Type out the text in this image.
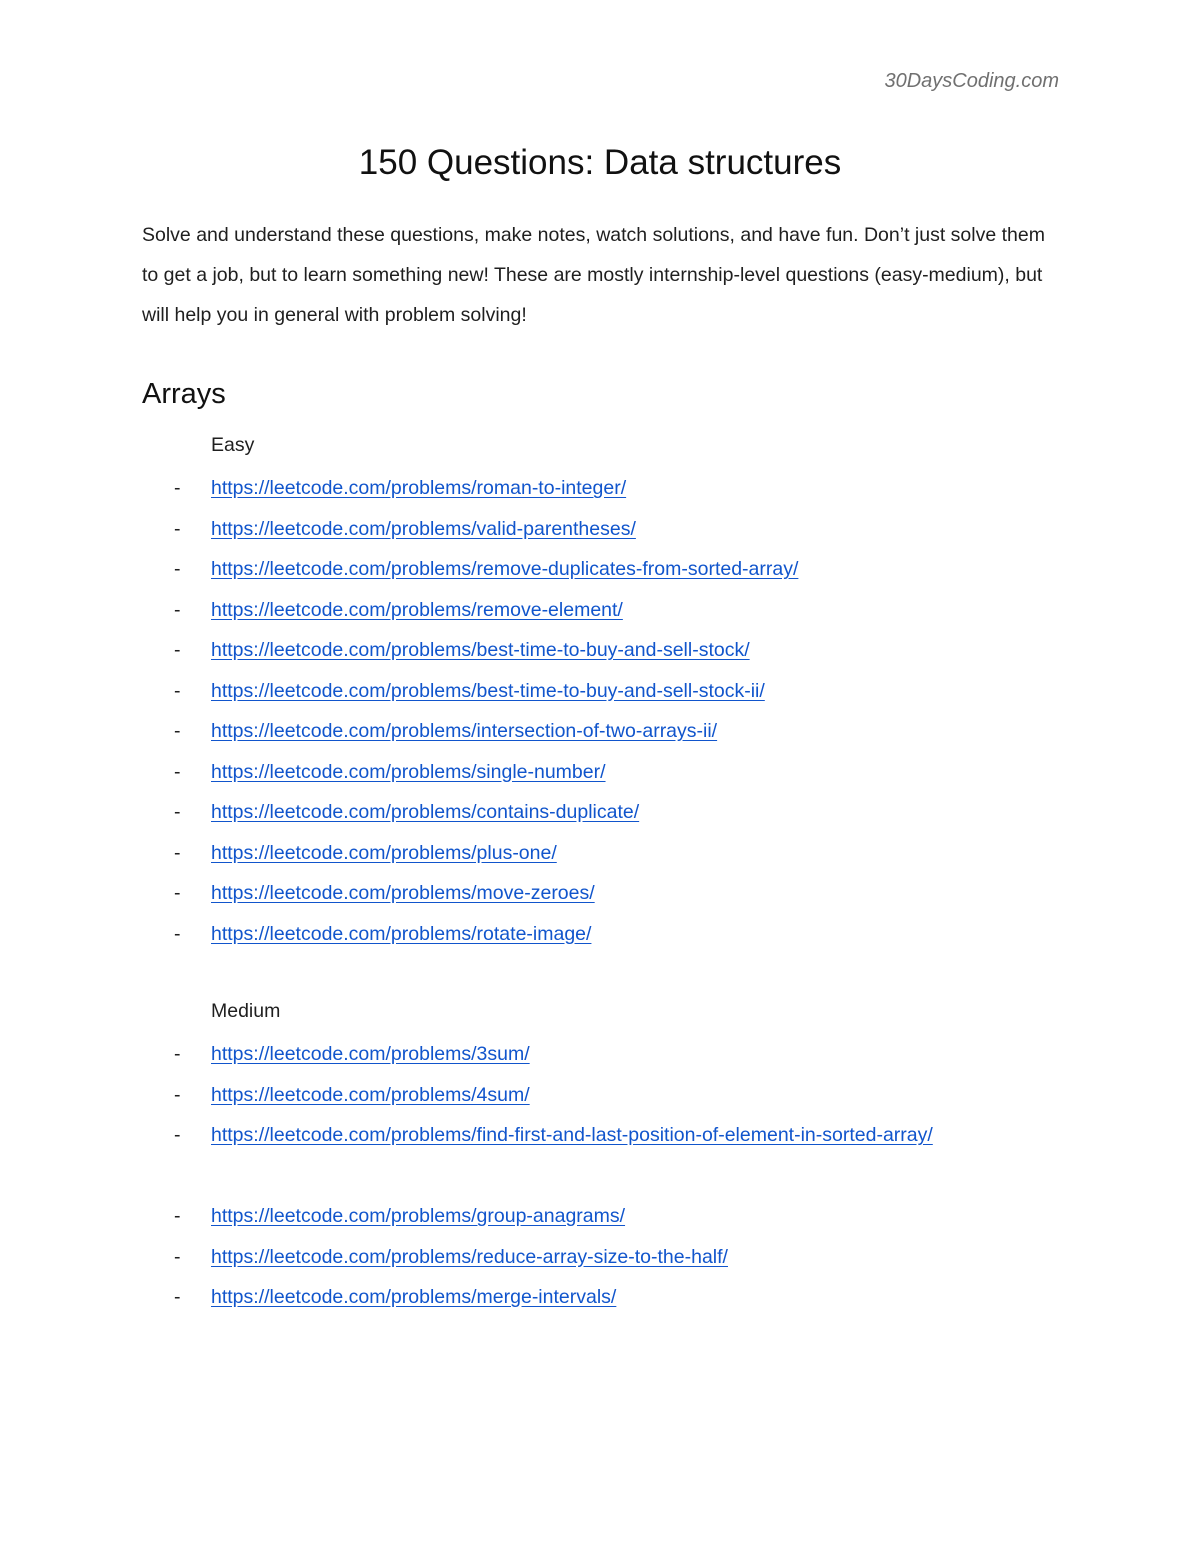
30DaysCoding.com
150 Questions: Data structures

Solve and understand these questions, make notes, watch solutions, and have fun. Don’t just solve them to get a job, but to learn something new! These are mostly internship-level questions (easy-medium), but will help you in general with problem solving!

Arrays
Easy
- https://leetcode.com/problems/roman-to-integer/
- https://leetcode.com/problems/valid-parentheses/
- https://leetcode.com/problems/remove-duplicates-from-sorted-array/
- https://leetcode.com/problems/remove-element/
- https://leetcode.com/problems/best-time-to-buy-and-sell-stock/
- https://leetcode.com/problems/best-time-to-buy-and-sell-stock-ii/
- https://leetcode.com/problems/intersection-of-two-arrays-ii/
- https://leetcode.com/problems/single-number/
- https://leetcode.com/problems/contains-duplicate/
- https://leetcode.com/problems/plus-one/
- https://leetcode.com/problems/move-zeroes/
- https://leetcode.com/problems/rotate-image/
Medium
- https://leetcode.com/problems/3sum/
- https://leetcode.com/problems/4sum/
- https://leetcode.com/problems/find-first-and-last-position-of-element-in-sorted-array/
- https://leetcode.com/problems/group-anagrams/
- https://leetcode.com/problems/reduce-array-size-to-the-half/
- https://leetcode.com/problems/merge-intervals/
